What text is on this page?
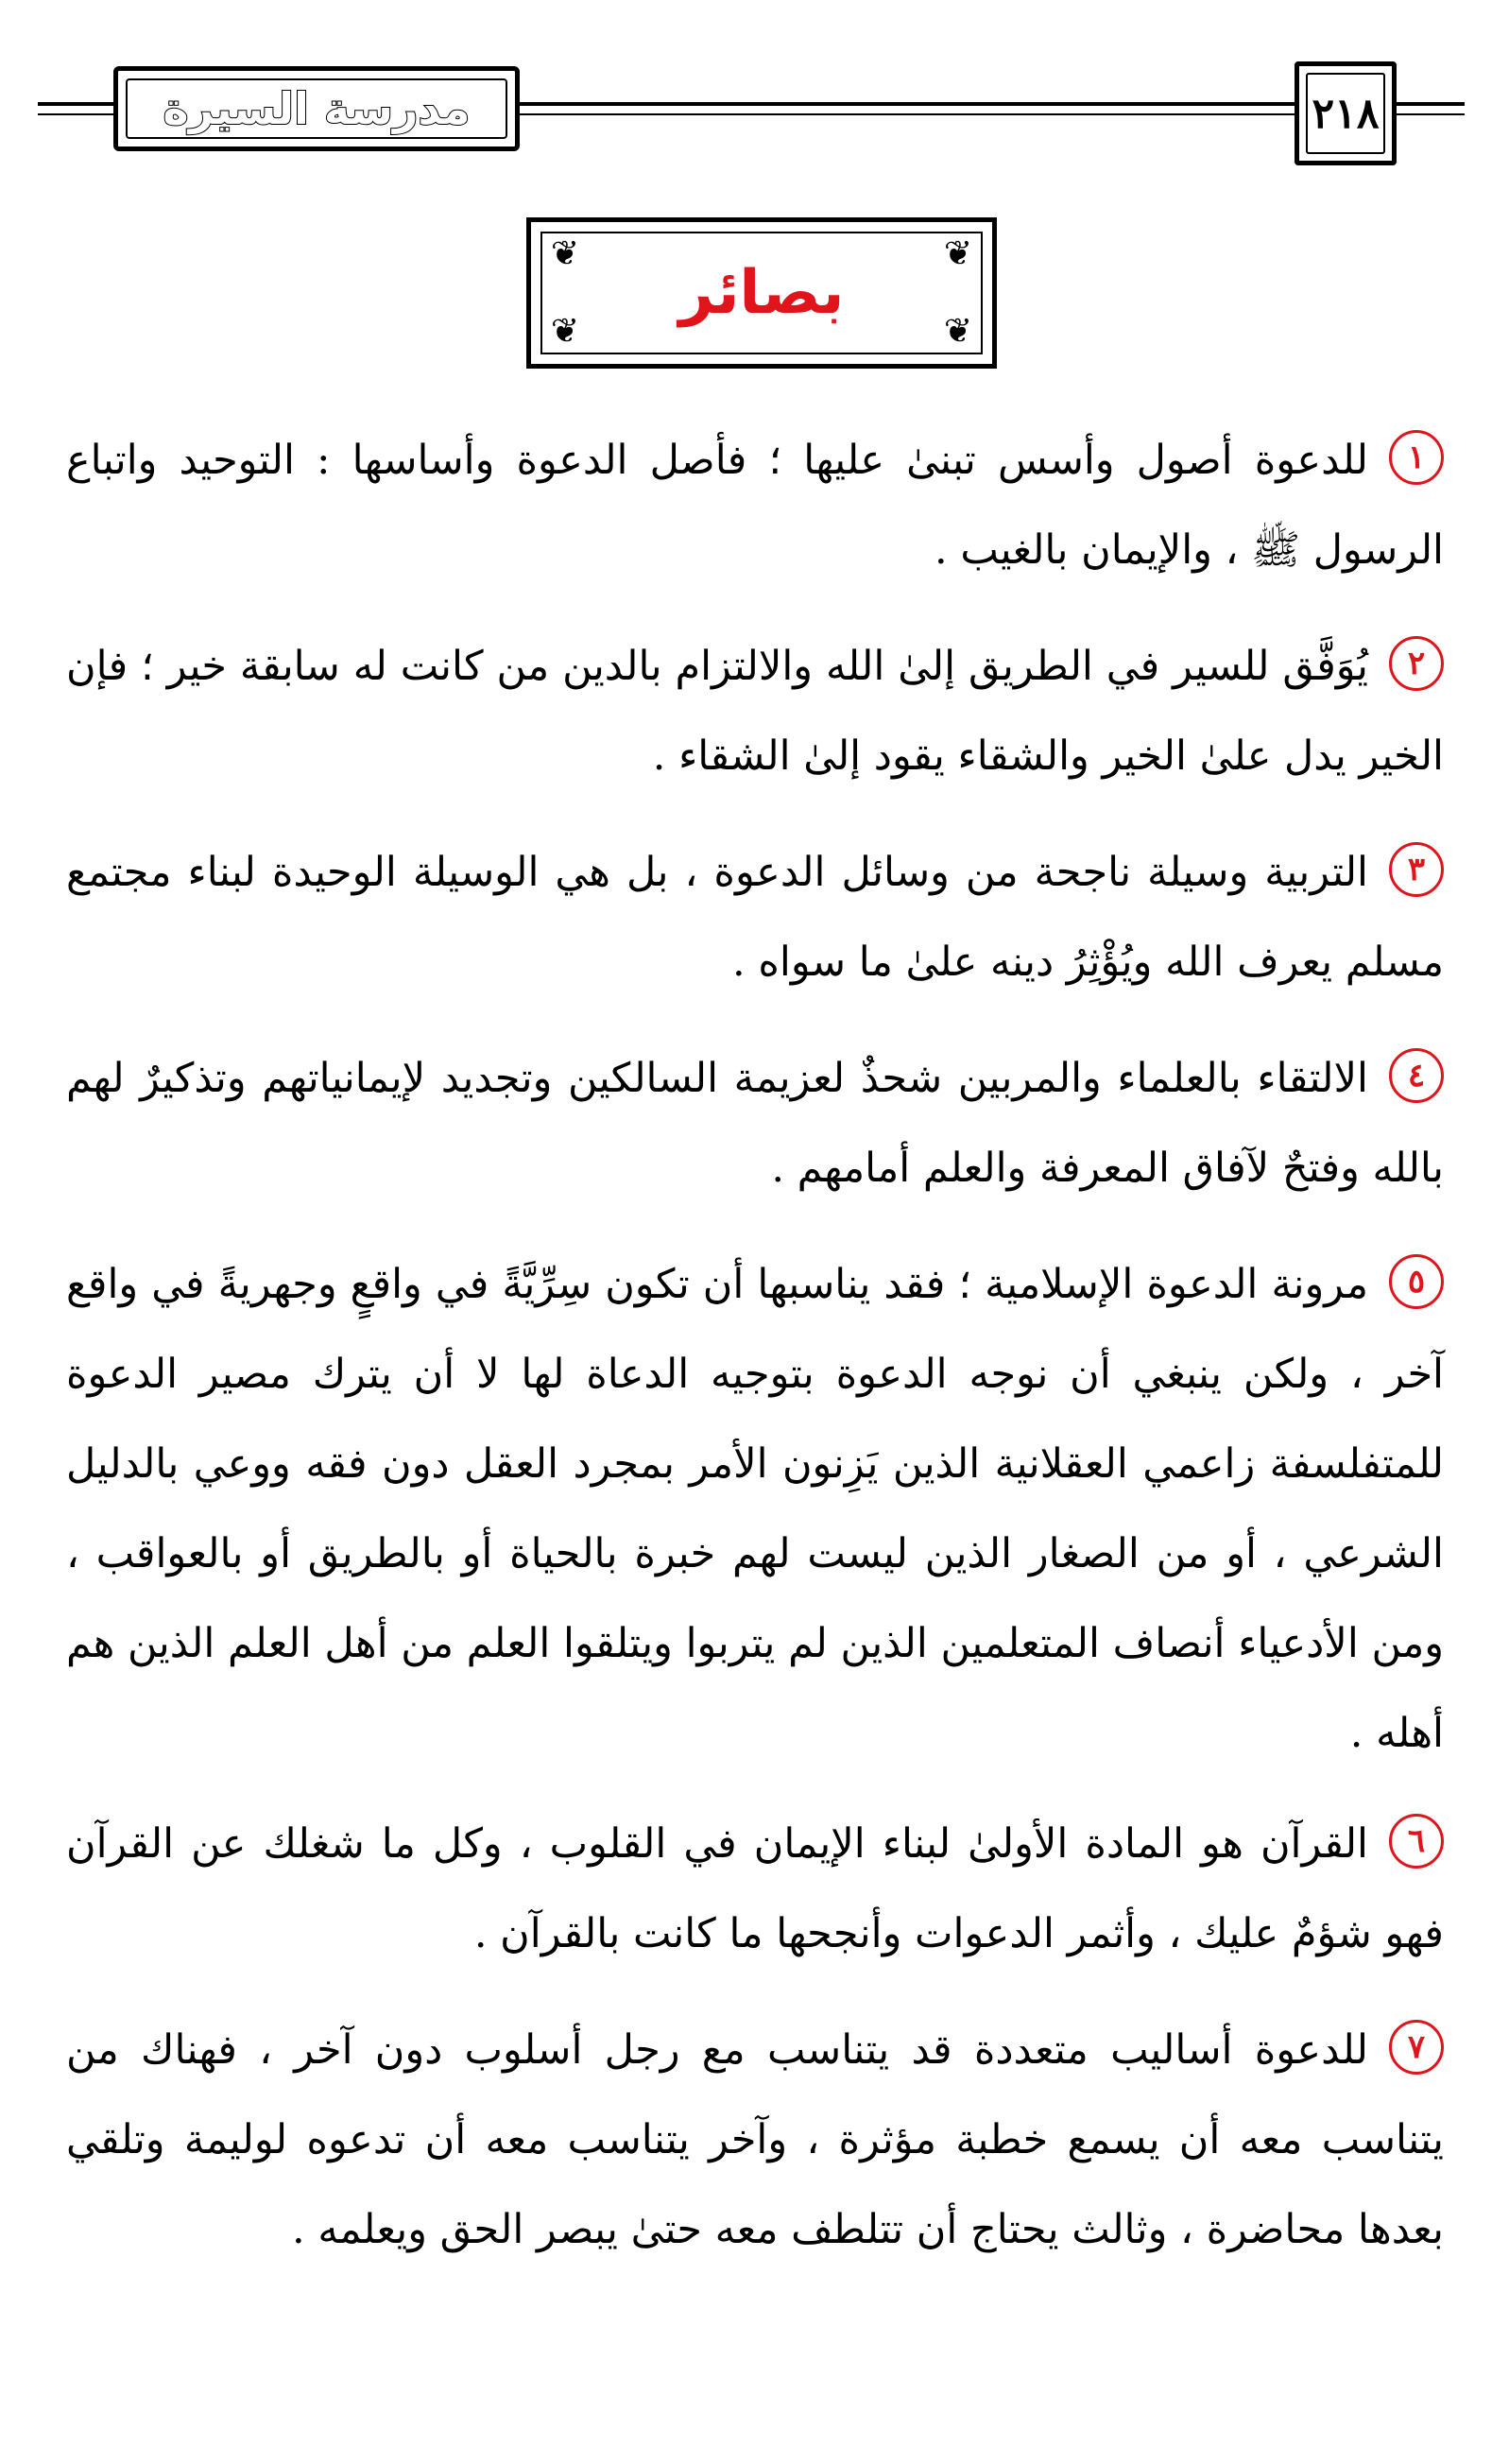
مدرسة السيرة	٢١٨
❦	❦
❦	❦
بصائر

١للدعوة أصول وأسس تبنىٰ عليها ؛ فأصل الدعوة وأساسها : التوحيد واتباع الرسول ﷺ ، والإيمان بالغيب .

٢يُوَفَّق للسير في الطريق إلىٰ الله والالتزام بالدين من كانت له سابقة خير ؛ فإن الخير يدل علىٰ الخير والشقاء يقود إلىٰ الشقاء .

٣التربية وسيلة ناجحة من وسائل الدعوة ، بل هي الوسيلة الوحيدة لبناء مجتمع مسلم يعرف الله ويُؤْثِرُ دينه علىٰ ما سواه .

٤الالتقاء بالعلماء والمربين شحذٌ لعزيمة السالكين وتجديد لإيمانياتهم وتذكيرٌ لهم بالله وفتحٌ لآفاق المعرفة والعلم أمامهم .

٥مرونة الدعوة الإسلامية ؛ فقد يناسبها أن تكون سِرِّيَّةً في واقعٍ وجهريةً في واقع آخر ، ولكن ينبغي أن نوجه الدعوة بتوجيه الدعاة لها لا أن يترك مصير الدعوة للمتفلسفة زاعمي العقلانية الذين يَزِنون الأمر بمجرد العقل دون فقه ووعي بالدليل الشرعي ، أو من الصغار الذين ليست لهم خبرة بالحياة أو بالطريق أو بالعواقب ، ومن الأدعياء أنصاف المتعلمين الذين لم يتربوا ويتلقوا العلم من أهل العلم الذين هم أهله .

٦القرآن هو المادة الأولىٰ لبناء الإيمان في القلوب ، وكل ما شغلك عن القرآن فهو شؤمٌ عليك ، وأثمر الدعوات وأنجحها ما كانت بالقرآن .

٧للدعوة أساليب متعددة قد يتناسب مع رجل أسلوب دون آخر ، فهناك من يتناسب معه أن يسمع خطبة مؤثرة ، وآخر يتناسب معه أن تدعوه لوليمة وتلقي بعدها محاضرة ، وثالث يحتاج أن تتلطف معه حتىٰ يبصر الحق ويعلمه .
